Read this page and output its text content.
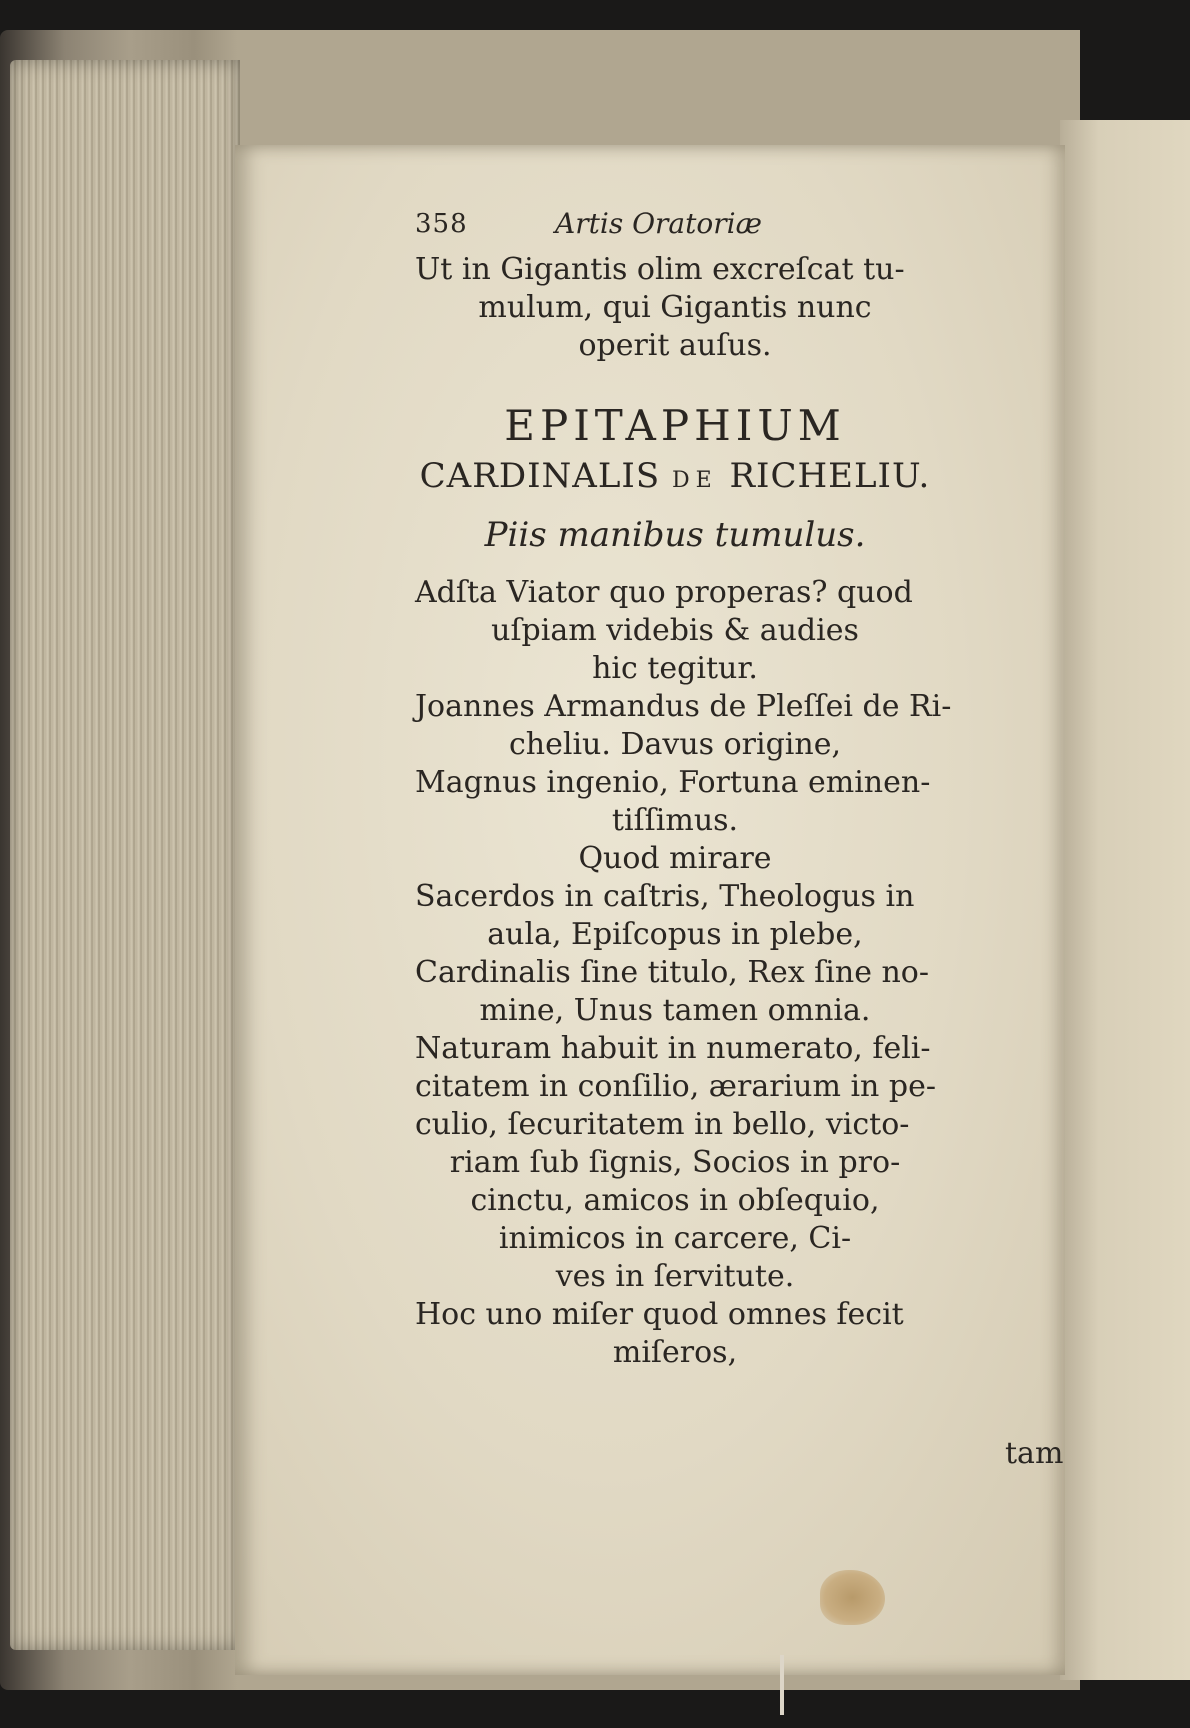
358	Artis Oratoriæ
Ut in Gigantis olim excreſcat tu-
mulum, qui Gigantis nunc
operit auſus.
EPITAPHIUM
CARDINALIS DE RICHELIU.
Piis manibus tumulus.
Adſta Viator quo properas? quod
uſpiam videbis & audies
hic tegitur.
Joannes Armandus de Pleſſei de Ri-
cheliu. Davus origine,
Magnus ingenio, Fortuna eminen-
tiſſimus.
Quod mirare
Sacerdos in caſtris, Theologus in
aula, Epiſcopus in plebe,
Cardinalis ſine titulo, Rex ſine no-
mine, Unus tamen omnia.
Naturam habuit in numerato, feli-
citatem in conſilio, ærarium in pe-
culio, ſecuritatem in bello, victo-
riam ſub ſignis, Socios in pro-
cinctu, amicos in obſequio,
inimicos in carcere, Ci-
ves in ſervitute.
Hoc uno miſer quod omnes fecit
miſeros,
tam
